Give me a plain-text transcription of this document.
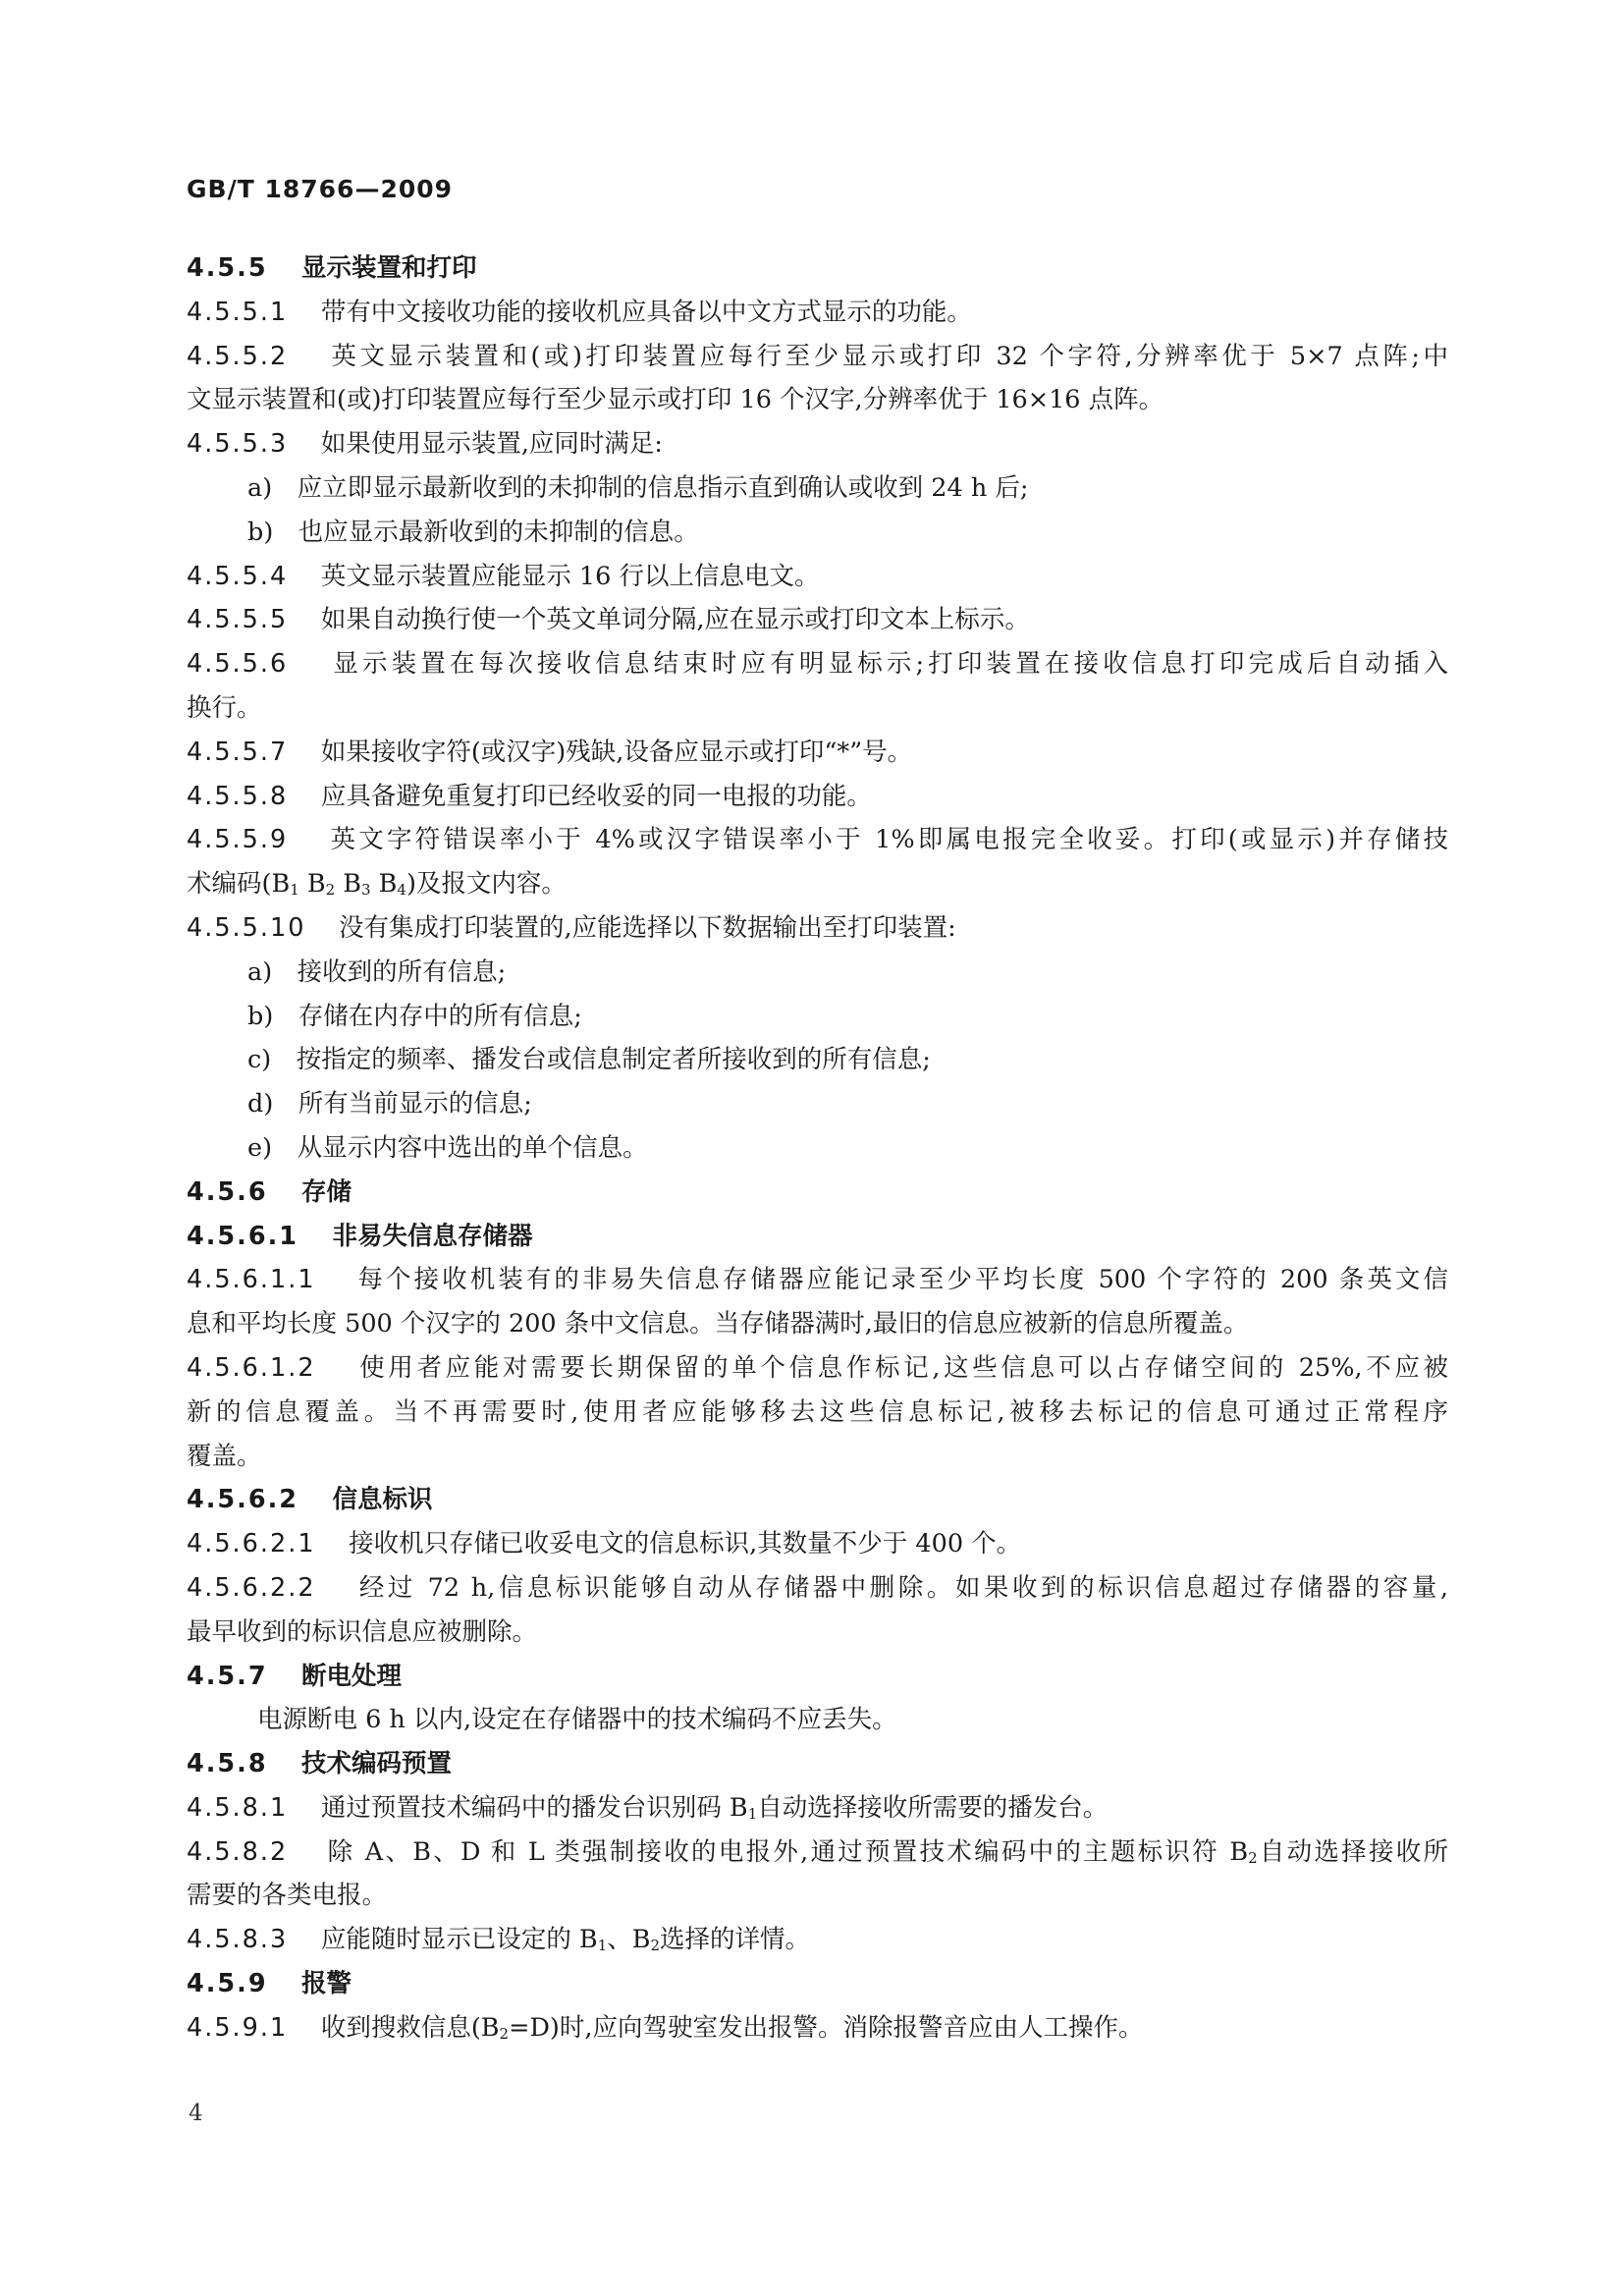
GB/T 18766—2009
4.5.5　 显示装置和打印
4.5.5.1　 带有中文接收功能的接收机应具备以中文方式显示的功能。
4.5.5.2　 英文显示装置和(或)打印装置应每行至少显示或打印 32 个字符,分辨率优于 5×7 点阵;中
文显示装置和(或)打印装置应每行至少显示或打印 16 个汉字,分辨率优于 16×16 点阵。
4.5.5.3　 如果使用显示装置,应同时满足:
a)　 应立即显示最新收到的未抑制的信息指示直到确认或收到 24 h 后;
b)　 也应显示最新收到的未抑制的信息。
4.5.5.4　 英文显示装置应能显示 16 行以上信息电文。
4.5.5.5　 如果自动换行使一个英文单词分隔,应在显示或打印文本上标示。
4.5.5.6　 显示装置在每次接收信息结束时应有明显标示;打印装置在接收信息打印完成后自动插入
换行。
4.5.5.7　 如果接收字符(或汉字)残缺,设备应显示或打印“*”号。
4.5.5.8　 应具备避免重复打印已经收妥的同一电报的功能。
4.5.5.9　 英文字符错误率小于 4%或汉字错误率小于 1%即属电报完全收妥。打印(或显示)并存储技
术编码($B_1$ $B_2$ $B_3$ $B_4$)及报文内容。
4.5.5.10　 没有集成打印装置的,应能选择以下数据输出至打印装置:
a)　 接收到的所有信息;
b)　 存储在内存中的所有信息;
c)　 按指定的频率、播发台或信息制定者所接收到的所有信息;
d)　 所有当前显示的信息;
e)　 从显示内容中选出的单个信息。
4.5.6　 存储
4.5.6.1　 非易失信息存储器
4.5.6.1.1　 每个接收机装有的非易失信息存储器应能记录至少平均长度 500 个字符的 200 条英文信
息和平均长度 500 个汉字的 200 条中文信息。当存储器满时,最旧的信息应被新的信息所覆盖。
4.5.6.1.2　 使用者应能对需要长期保留的单个信息作标记,这些信息可以占存储空间的 25%,不应被
新的信息覆盖。当不再需要时,使用者应能够移去这些信息标记,被移去标记的信息可通过正常程序
覆盖。
4.5.6.2　 信息标识
4.5.6.2.1　 接收机只存储已收妥电文的信息标识,其数量不少于 400 个。
4.5.6.2.2　 经过 72 h,信息标识能够自动从存储器中删除。如果收到的标识信息超过存储器的容量,
最早收到的标识信息应被删除。
4.5.7　 断电处理
电源断电 6 h 以内,设定在存储器中的技术编码不应丢失。
4.5.8　 技术编码预置
4.5.8.1　 通过预置技术编码中的播发台识别码 $B_1$自动选择接收所需要的播发台。
4.5.8.2　 除 A、B、D 和 L 类强制接收的电报外,通过预置技术编码中的主题标识符 $B_2$自动选择接收所
需要的各类电报。
4.5.8.3　 应能随时显示已设定的 $B_1$、$B_2$选择的详情。
4.5.9　 报警
4.5.9.1　 收到搜救信息$(B_2=D)$时,应向驾驶室发出报警。消除报警音应由人工操作。
4
